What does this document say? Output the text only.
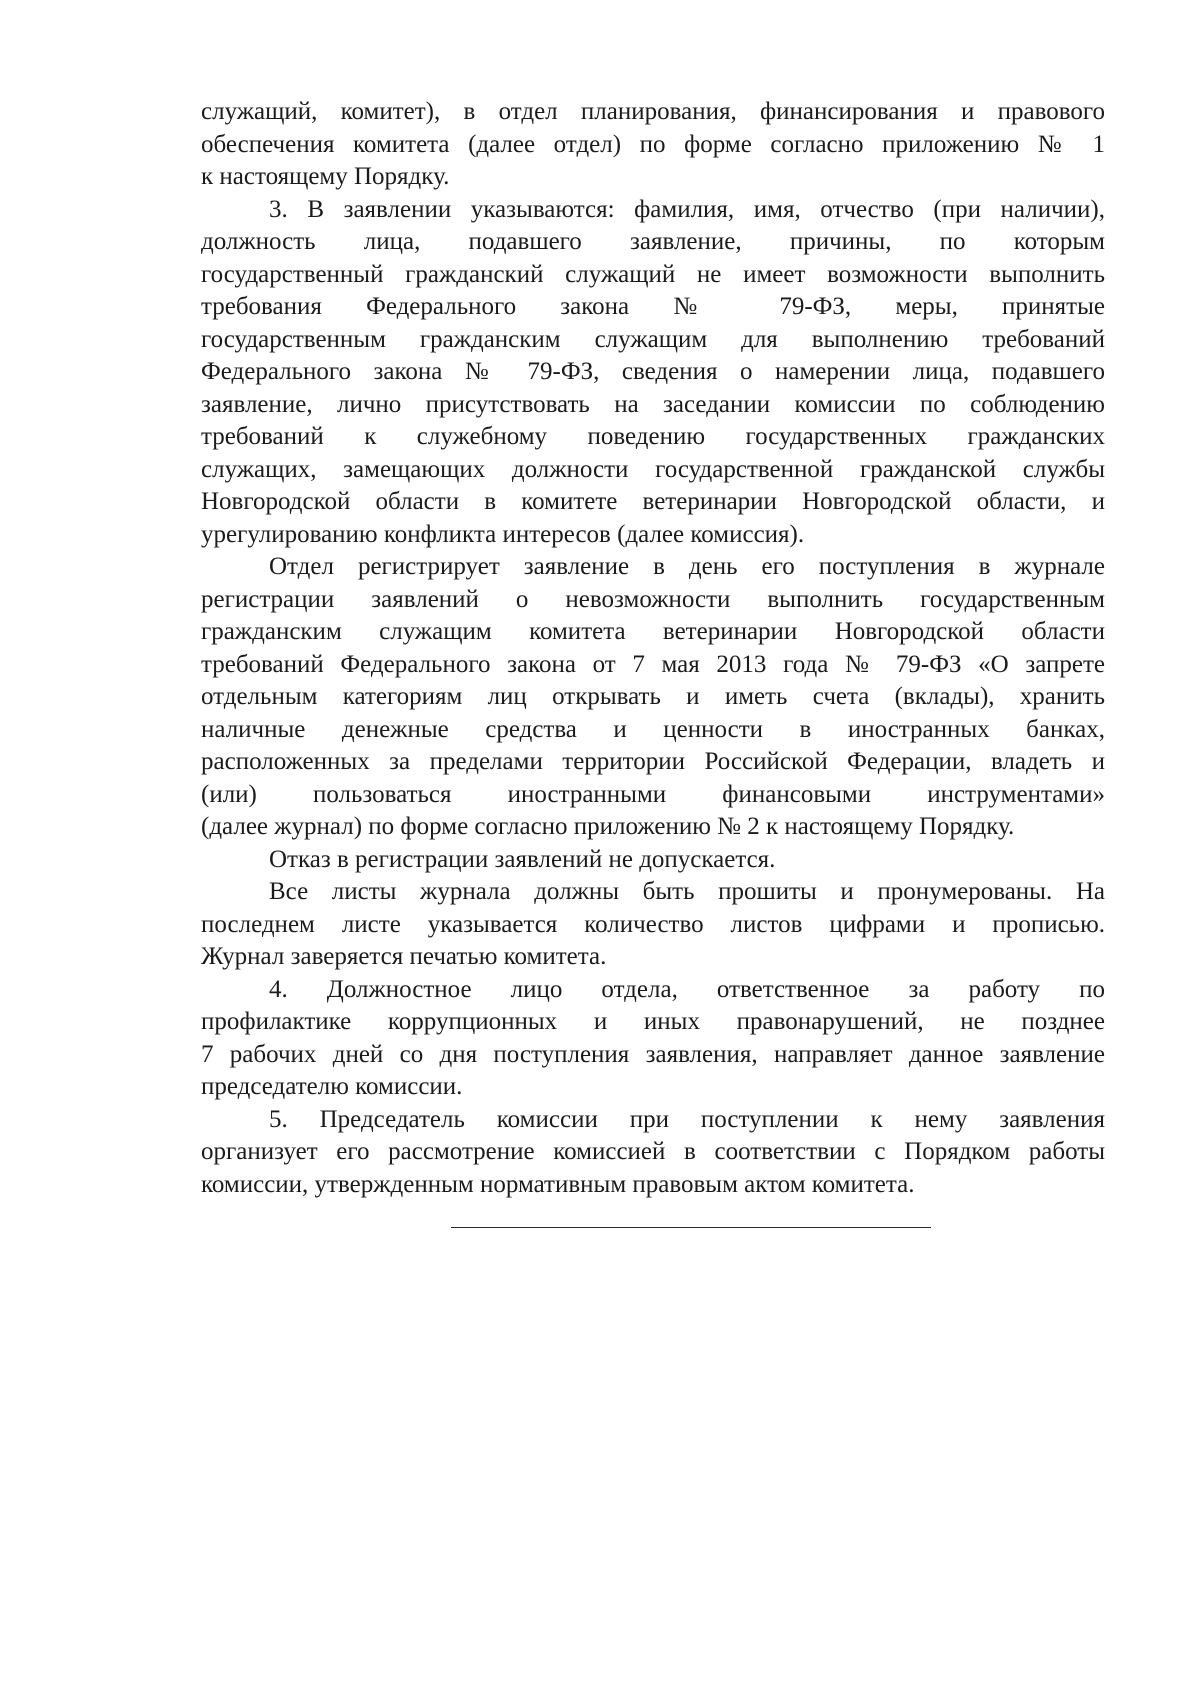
служащий, комитет), в отдел планирования, финансирования и правового
обеспечения комитета (далее отдел) по форме согласно приложению № 1
к настоящему Порядку.
3. В заявлении указываются: фамилия, имя, отчество (при наличии),
должность лица, подавшего заявление, причины, по которым
государственный гражданский служащий не имеет возможности выполнить
требования Федерального закона № 79-ФЗ, меры, принятые
государственным гражданским служащим для выполнению требований
Федерального закона № 79-ФЗ, сведения о намерении лица, подавшего
заявление, лично присутствовать на заседании комиссии по соблюдению
требований к служебному поведению государственных гражданских
служащих, замещающих должности государственной гражданской службы
Новгородской области в комитете ветеринарии Новгородской области, и
урегулированию конфликта интересов (далее комиссия).
Отдел регистрирует заявление в день его поступления в журнале
регистрации заявлений о невозможности выполнить государственным
гражданским служащим комитета ветеринарии Новгородской области
требований Федерального закона от 7 мая 2013 года № 79-ФЗ «О запрете
отдельным категориям лиц открывать и иметь счета (вклады), хранить
наличные денежные средства и ценности в иностранных банках,
расположенных за пределами территории Российской Федерации, владеть и
(или) пользоваться иностранными финансовыми инструментами»
(далее журнал) по форме согласно приложению № 2 к настоящему Порядку.
Отказ в регистрации заявлений не допускается.
Все листы журнала должны быть прошиты и пронумерованы. На
последнем листе указывается количество листов цифрами и прописью.
Журнал заверяется печатью комитета.
4. Должностное лицо отдела, ответственное за работу по
профилактике коррупционных и иных правонарушений, не позднее
7 рабочих дней со дня поступления заявления, направляет данное заявление
председателю комиссии.
5. Председатель комиссии при поступлении к нему заявления
организует его рассмотрение комиссией в соответствии с Порядком работы
комиссии, утвержденным нормативным правовым актом комитета.
